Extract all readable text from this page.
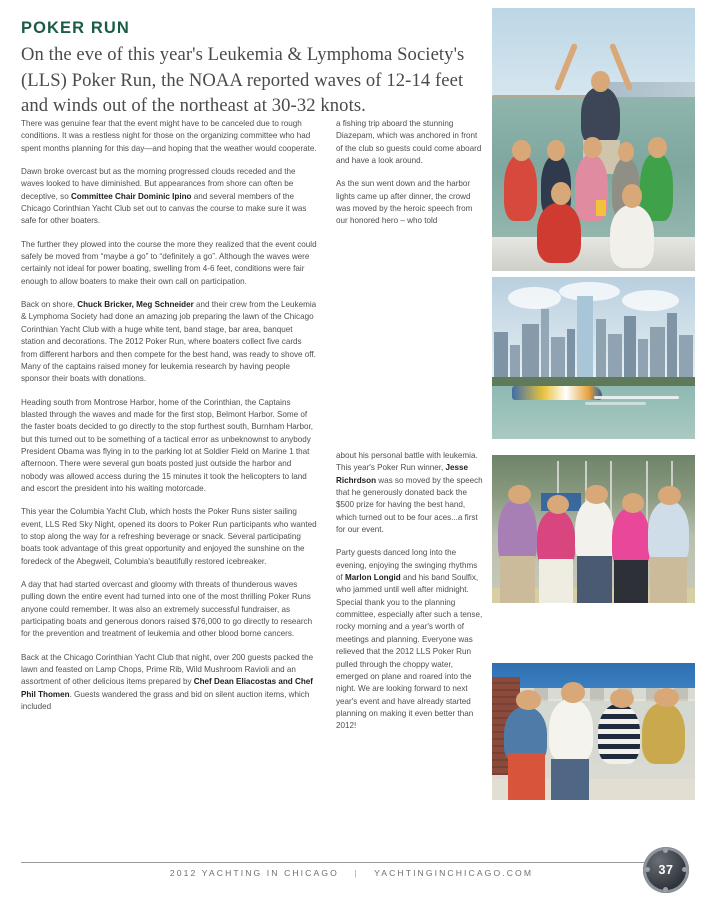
POKER RUN
On the eve of this year's Leukemia & Lymphoma Society's (LLS) Poker Run, the NOAA reported waves of 12-14 feet and winds out of the northeast at 30-32 knots.

There was genuine fear that the event might have to be canceled due to rough conditions. It was a restless night for those on the organizing committee who had spent months planning for this day—and hoping that the weather would cooperate.

Dawn broke overcast but as the morning progressed clouds receded and the waves looked to have diminished. But appearances from shore can often be deceptive, so Committee Chair Dominic Ipino and several members of the Chicago Corinthian Yacht Club set out to canvas the course to make sure it was safe for other boaters.

The further they plowed into the course the more they realized that the event could safely be moved from “maybe a go” to “definitely a go”. Although the waves were certainly not ideal for power boating, swelling from 4-6 feet, conditions were fair enough to allow boaters to make their own call on participation.

Back on shore, Chuck Bricker, Meg Schneider and their crew from the Leukemia & Lymphoma Society had done an amazing job preparing the lawn of the Chicago Corinthian Yacht Club with a huge white tent, band stage, bar area, banquet station and decorations. The 2012 Poker Run, where boaters collect five cards from different harbors and then compete for the best hand, was ready to shove off. Many of the captains raised money for leukemia research by having people sponsor their boats with donations.

Heading south from Montrose Harbor, home of the Corinthian, the Captains blasted through the waves and made for the first stop, Belmont Harbor. Some of the faster boats decided to go directly to the stop furthest south, Burnham Harbor, but this turned out to be something of a tactical error as unbeknownst to anybody President Obama was flying in to the parking lot at Soldier Field on Marine 1 that afternoon. There were several gun boats posted just outside the harbor and nobody was allowed access during the 15 minutes it took the helicopters to land and escort the president into his waiting motorcade.

This year the Columbia Yacht Club, which hosts the Poker Runs sister sailing event, LLS Red Sky Night, opened its doors to Poker Run participants who wanted to stop along the way for a refreshing beverage or snack. Several participating boats took advantage of this great opportunity and enjoyed the sunshine on the foredeck of the Abegweit, Columbia's beautifully restored icebreaker.

A day that had started overcast and gloomy with threats of thunderous waves pulling down the entire event had turned into one of the most thrilling Poker Runs anyone could remember. It was also an extremely successful fundraiser, as participating boats and generous donors raised $76,000 to go directly to research for the prevention and treatment of leukemia and other blood borne cancers.

Back at the Chicago Corinthian Yacht Club that night, over 200 guests packed the lawn and feasted on Lamp Chops, Prime Rib, Wild Mushroom Ravioli and an assortment of other delicious items prepared by Chef Dean Eliacostas and Chef Phil Thomen. Guests wandered the grass and bid on silent auction items, which included

a fishing trip aboard the stunning Diazepam, which was anchored in front of the club so guests could come aboard and have a look around.

As the sun went down and the harbor lights came up after dinner, the crowd was moved by the heroic speech from our honored hero – who told

about his personal battle with leukemia. This year's Poker Run winner, Jesse Richrdson was so moved by the speech that he generously donated back the $500 prize for having the best hand, which turned out to be four aces...a first for our event.

Party guests danced long into the evening, enjoying the swinging rhythms of Marlon Longid and his band Soulfix, who jammed until well after midnight. Special thank you to the planning committee, especially after such a tense, rocky morning and a year's worth of meetings and planning. Everyone was relieved that the 2012 LLS Poker Run pulled through the choppy water, emerged on plane and roared into the night. We are looking forward to next year's event and have already started planning on making it even better than 2012!

2012 YACHTING IN CHICAGO | YACHTINGINCHICAGO.COM	37
